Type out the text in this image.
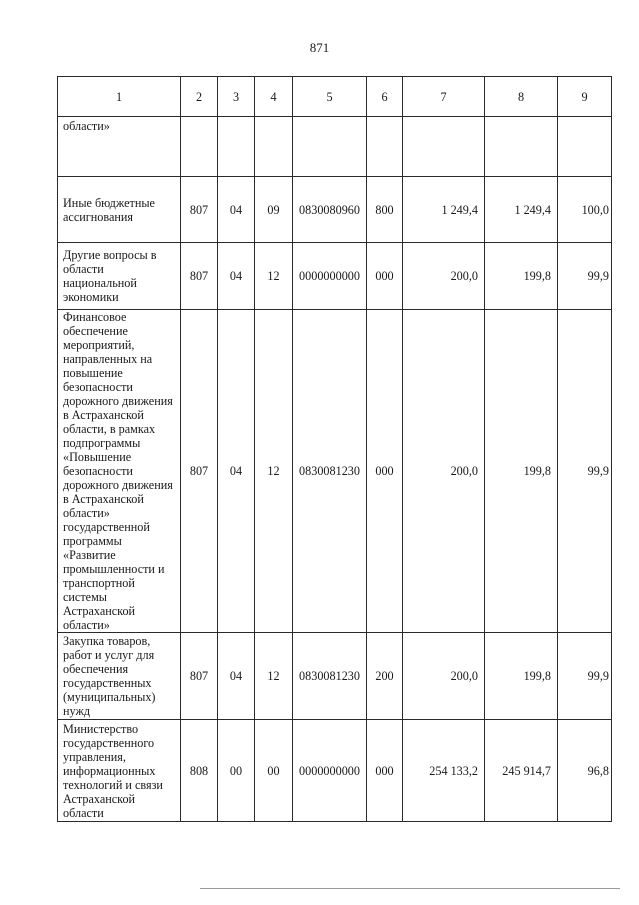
871
1	2	3	4	5	6	7	8	9
области»								
Иные бюджетные ассигнования	807	04	09	0830080960	800	1 249,4	1 249,4	100,0
Другие вопросы в области национальной экономики	807	04	12	0000000000	000	200,0	199,8	99,9
Финансовое обеспечение мероприятий, направленных на повышение безопасности дорожного движения в Астраханской области, в рамках подпрограммы «Повышение безопасности дорожного движения в Астраханской области» государственной программы «Развитие промышленности и транспортной системы Астраханской области»	807	04	12	0830081230	000	200,0	199,8	99,9
Закупка товаров, работ и услуг для обеспечения государственных (муниципальных) нужд	807	04	12	0830081230	200	200,0	199,8	99,9
Министерство государственного управления, информационных технологий и связи Астраханской области	808	00	00	0000000000	000	254 133,2	245 914,7	96,8
